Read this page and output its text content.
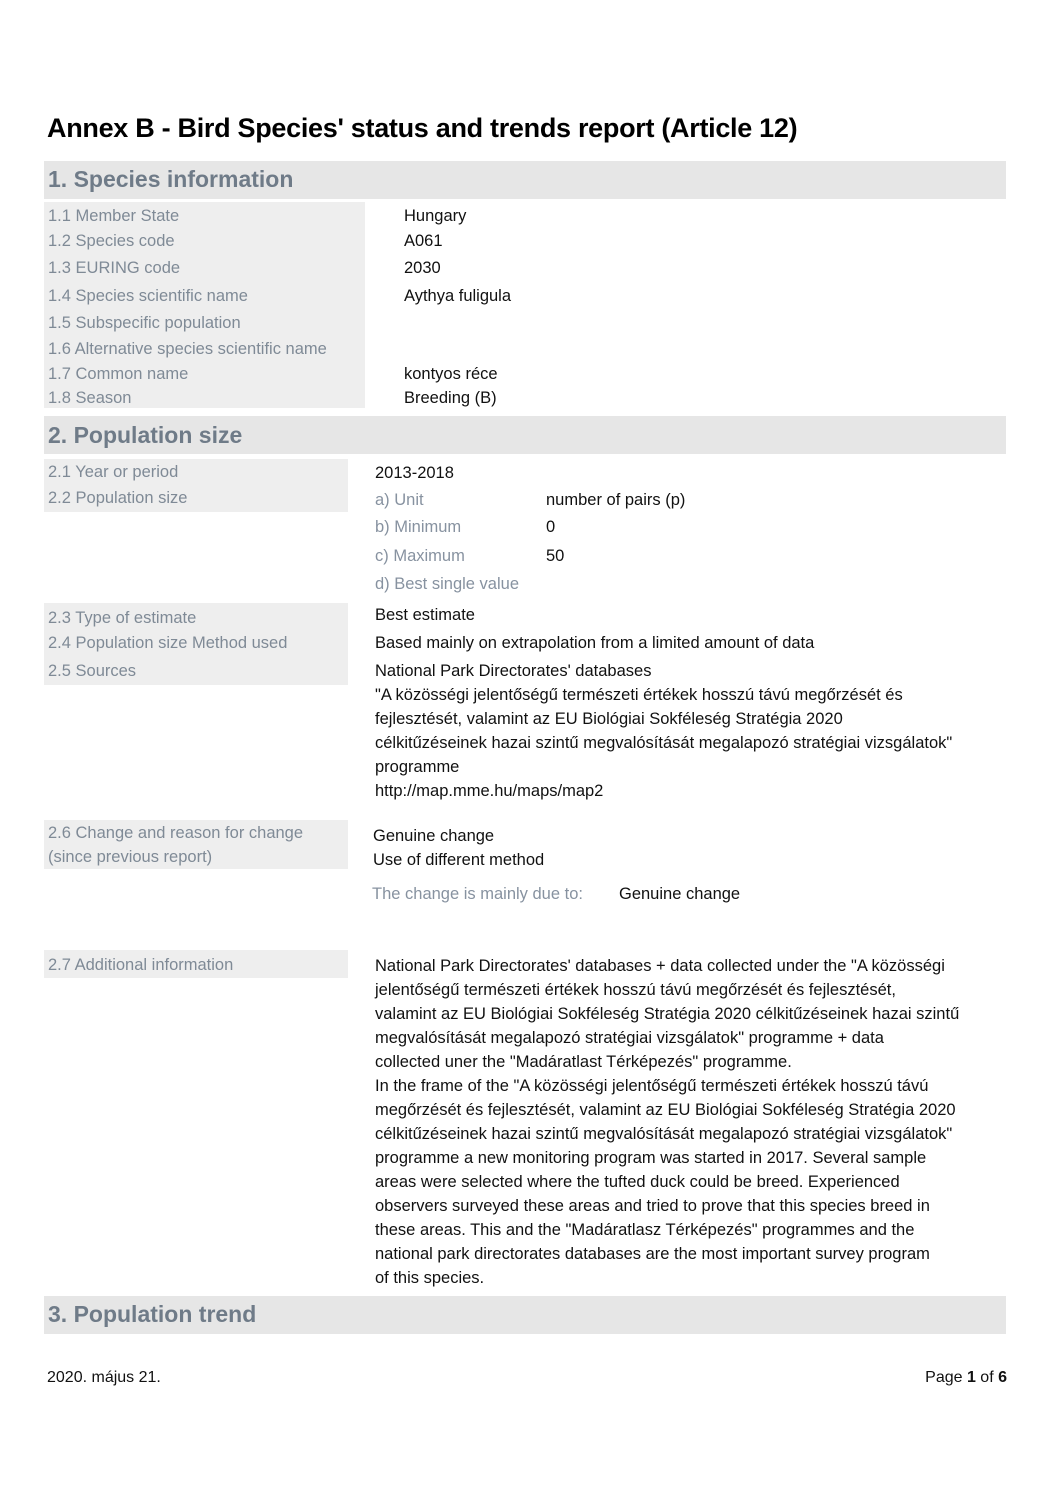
Annex B - Bird Species' status and trends report (Article 12)
1. Species information
1.1 Member State	Hungary
1.2 Species code	A061
1.3 EURING code	2030
1.4 Species scientific name	Aythya fuligula
1.5 Subspecific population
1.6 Alternative species scientific name
1.7 Common name	kontyos réce
1.8 Season	Breeding (B)
2. Population size
2.1 Year or period	2013-2018
2.2 Population size	a) Unit	number of pairs (p)
b) Minimum	0
c) Maximum	50
d) Best single value
2.3 Type of estimate	Best estimate
2.4 Population size Method used	Based mainly on extrapolation from a limited amount of data
2.5 Sources	National Park Directorates' databases
"A közösségi jelentőségű természeti értékek hosszú távú megőrzését és
fejlesztését, valamint az EU Biológiai Sokféleség Stratégia 2020
célkitűzéseinek hazai szintű megvalósítását megalapozó stratégiai vizsgálatok"
programme
http://map.mme.hu/maps/map2
2.6 Change and reason for change
(since previous report)
Genuine change
Use of different method
The change is mainly due to: Genuine change
2.7 Additional information	National Park Directorates' databases + data collected under the "A közösségi
jelentőségű természeti értékek hosszú távú megőrzését és fejlesztését,
valamint az EU Biológiai Sokféleség Stratégia 2020 célkitűzéseinek hazai szintű
megvalósítását megalapozó stratégiai vizsgálatok" programme + data
collected uner the "Madáratlast Térképezés" programme.
In the frame of the "A közösségi jelentőségű természeti értékek hosszú távú
megőrzését és fejlesztését, valamint az EU Biológiai Sokféleség Stratégia 2020
célkitűzéseinek hazai szintű megvalósítását megalapozó stratégiai vizsgálatok"
programme a new monitoring program was started in 2017. Several sample
areas were selected where the tufted duck could be breed. Experienced
observers surveyed these areas and tried to prove that this species breed in
these areas. This and the "Madáratlasz Térképezés" programmes and the
national park directorates databases are the most important survey program
of this species.
3. Population trend
2020. május 21.	Page 1 of 6
